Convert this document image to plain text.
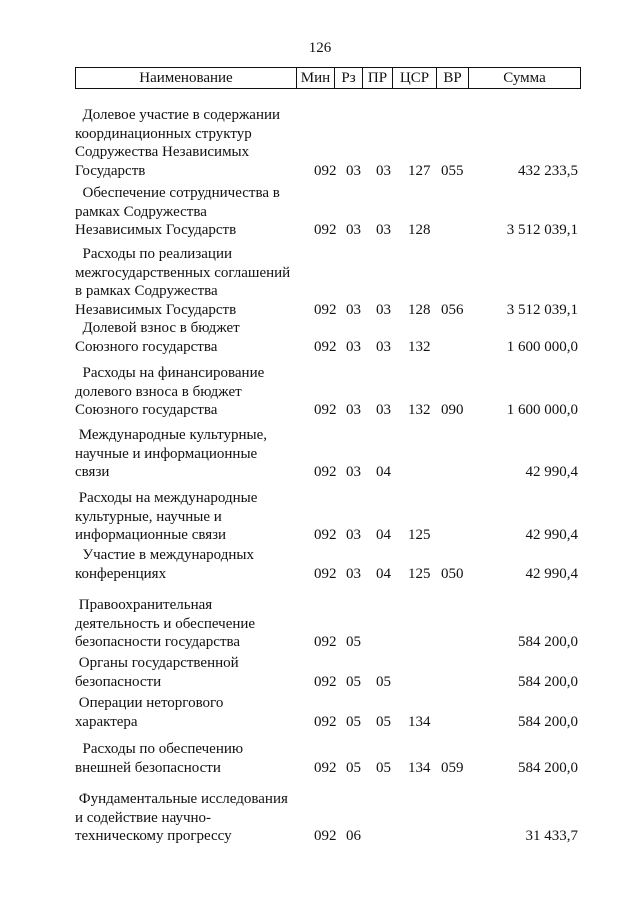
126
Наименование	Мин Рз ПР ЦСР ВР	Сумма
Долевое участие в содержании
координационных структур
Содружества Независимых
Государств	092 03 03 127 055	432 233,5
Обеспечение сотрудничества в
рамках Содружества
Независимых Государств	092 03 03 128	3 512 039,1
Расходы по реализации
межгосударственных соглашений
в рамках Содружества
Независимых Государств	092 03 03 128 056	3 512 039,1
Долевой взнос в бюджет
Союзного государства	092 03 03 132	1 600 000,0
Расходы на финансирование
долевого взноса в бюджет
Союзного государства	092 03 03 132 090	1 600 000,0
Международные культурные,
научные и информационные
связи	092 03 04	42 990,4
Расходы на международные
культурные, научные и
информационные связи	092 03 04 125	42 990,4
Участие в международных
конференциях	092 03 04 125 050	42 990,4
Правоохранительная
деятельность и обеспечение
безопасности государства	092 05	584 200,0
Органы государственной
безопасности	092 05 05	584 200,0
Операции неторгового
характера	092 05 05 134	584 200,0
Расходы по обеспечению
внешней безопасности	092 05 05 134 059	584 200,0
Фундаментальные исследования
и содействие научно-
техническому прогрессу	092 06	31 433,7
